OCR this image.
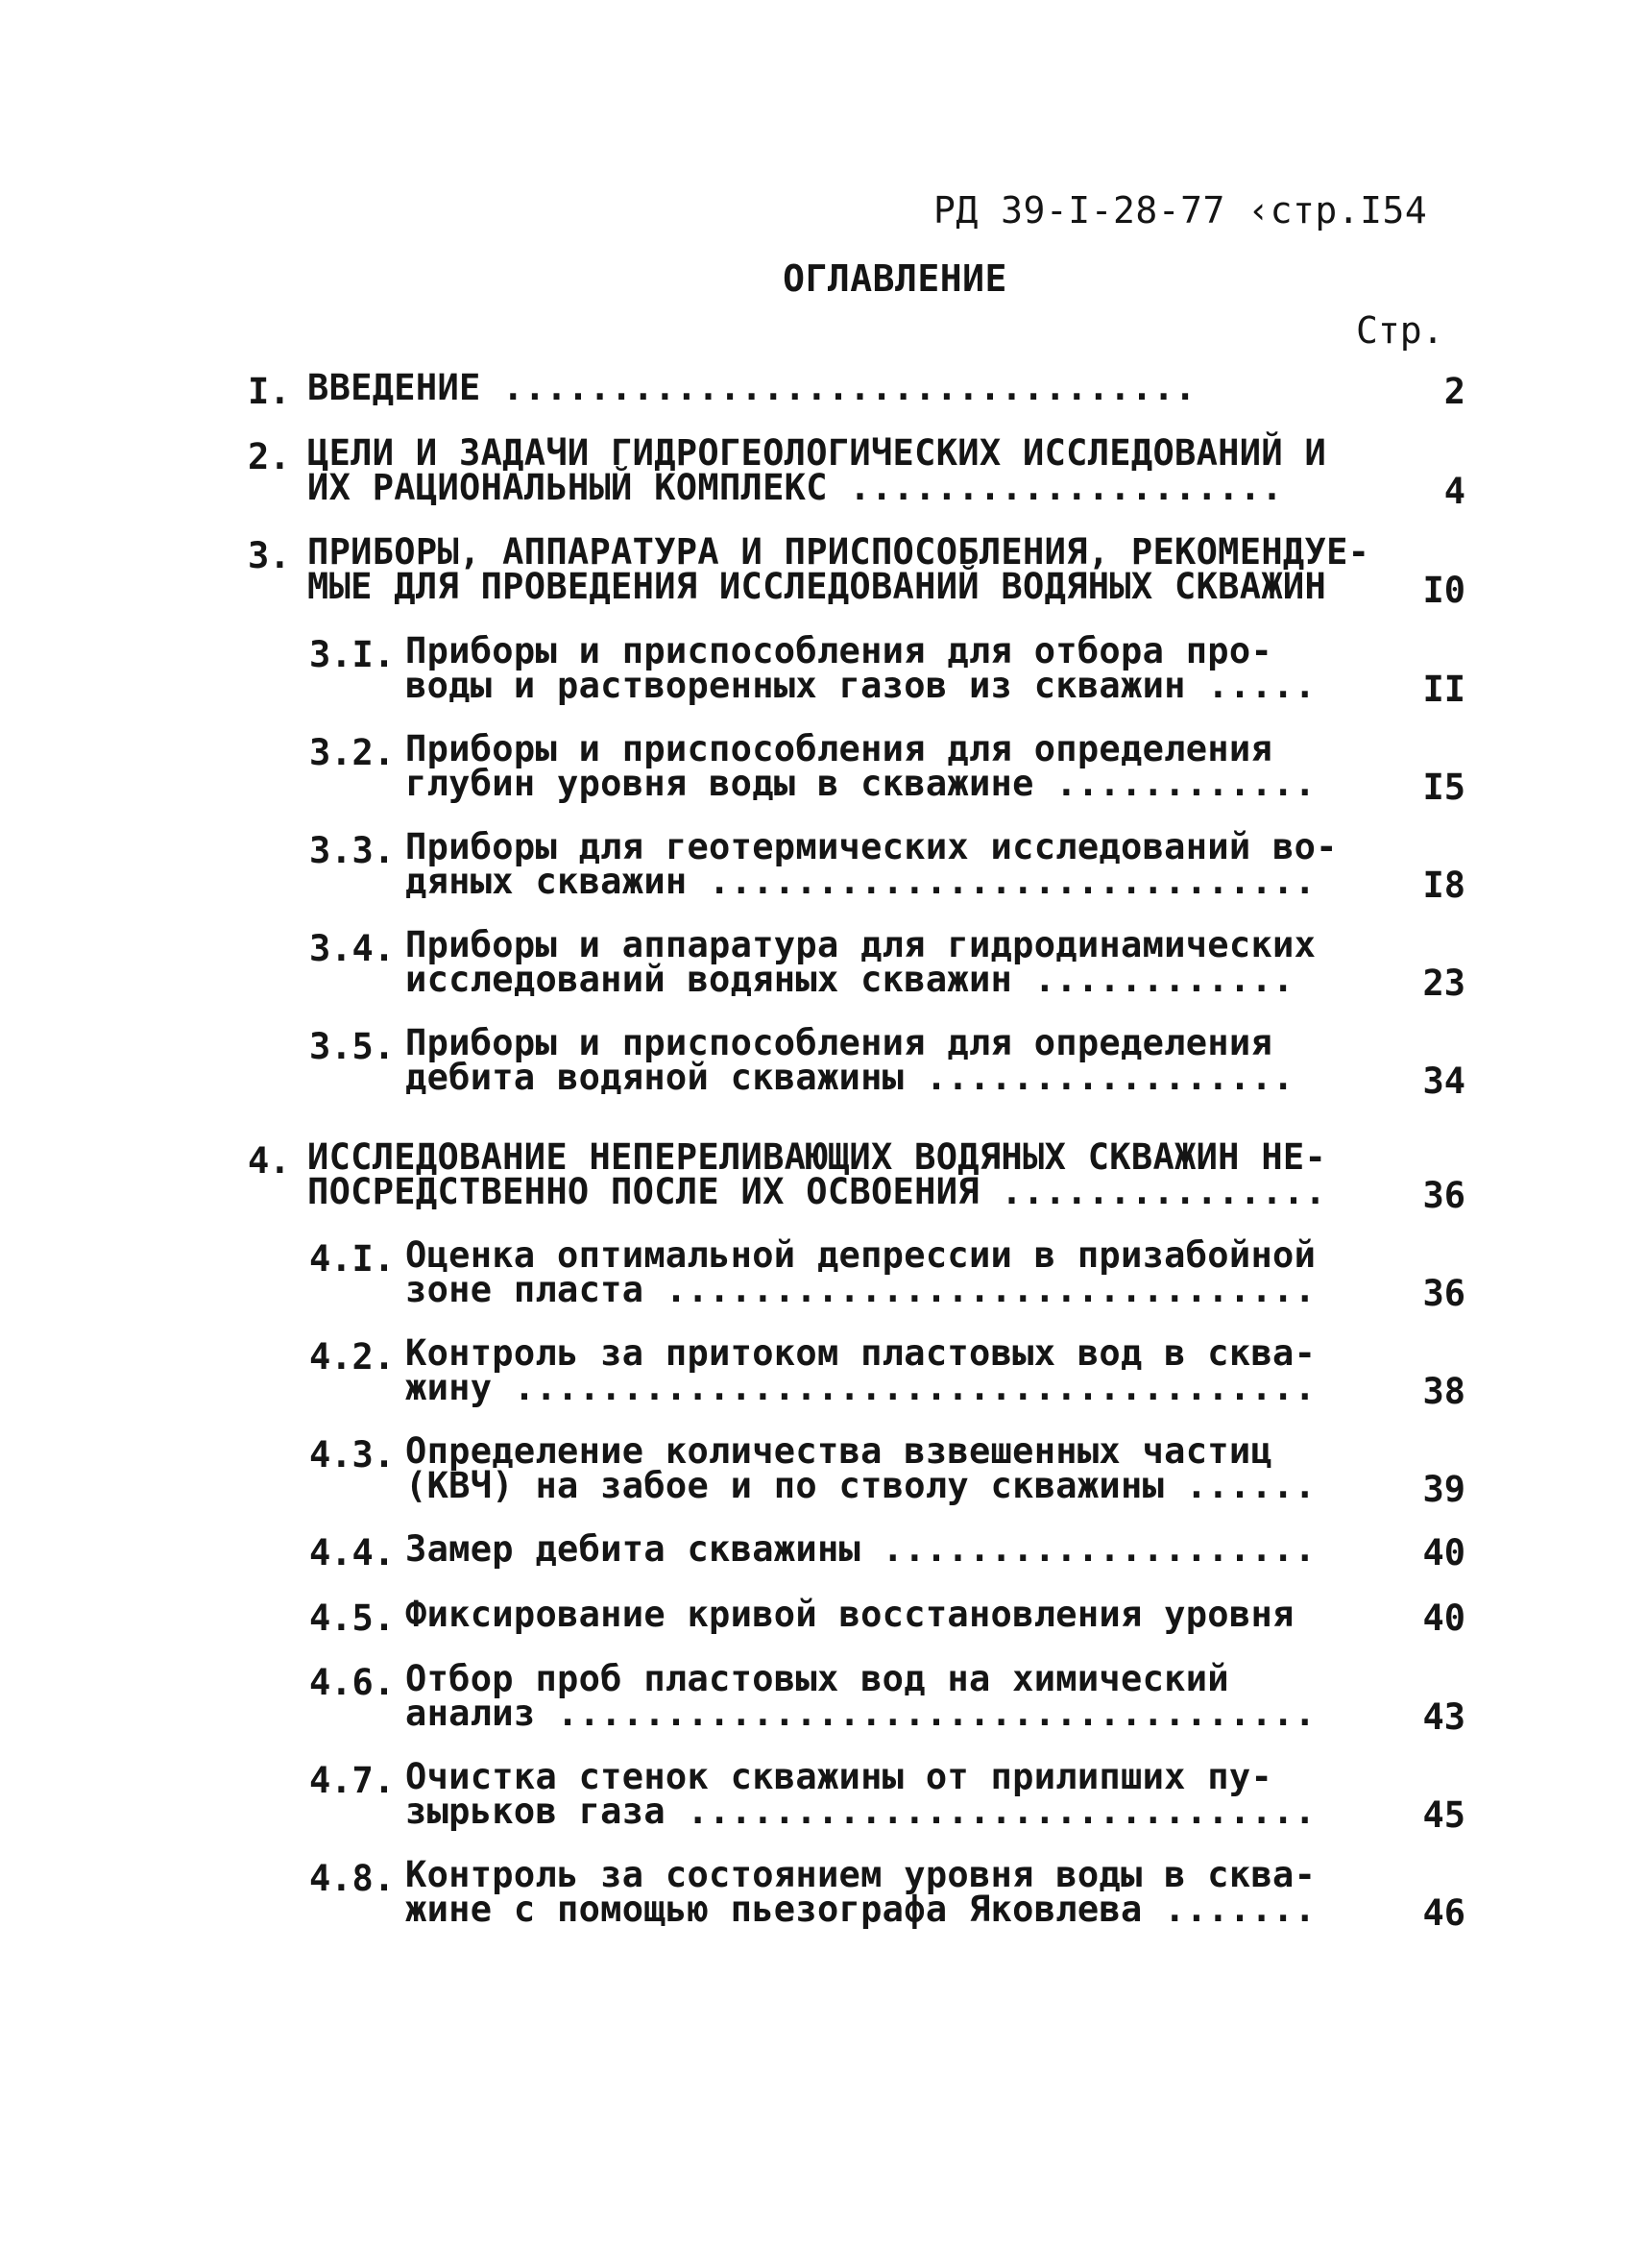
РД 39-I-28-77 ‹стр.I54
ОГЛАВЛЕНИЕ
Стр.
I. ВВЕДЕНИЕ ................................	2
2. ЦЕЛИ И ЗАДАЧИ ГИДРОГЕОЛОГИЧЕСКИХ ИССЛЕДОВАНИЙ И
ИХ РАЦИОНАЛЬНЫЙ КОМПЛЕКС ....................	4
3. ПРИБОРЫ, АППАРАТУРА И ПРИСПОСОБЛЕНИЯ, РЕКОМЕНДУЕ-
МЫЕ ДЛЯ ПРОВЕДЕНИЯ ИССЛЕДОВАНИЙ ВОДЯНЫХ СКВАЖИН	I0
3.I. Приборы и приспособления для отбора про-
воды и растворенных газов из скважин .....	II
3.2. Приборы и приспособления для определения
глубин уровня воды в скважине ............	I5
3.3. Приборы для геотермических исследований во-
дяных скважин ............................	I8
3.4. Приборы и аппаратура для гидродинамических
исследований водяных скважин ............	23
3.5. Приборы и приспособления для определения
дебита водяной скважины .................	34
4. ИССЛЕДОВАНИЕ НЕПЕРЕЛИВАЮЩИХ ВОДЯНЫХ СКВАЖИН НЕ-
ПОСРЕДСТВЕННО ПОСЛЕ ИХ ОСВОЕНИЯ ...............	36
4.I. Оценка оптимальной депрессии в призабойной
зоне пласта ..............................	36
4.2. Контроль за притоком пластовых вод в сква-
жину .....................................	38
4.3. Определение количества взвешенных частиц
(КВЧ) на забое и по стволу скважины ......	39
4.4. Замер дебита скважины ....................	40
4.5. Фиксирование кривой восстановления уровня	40
4.6. Отбор проб пластовых вод на химический
анализ ...................................	43
4.7. Очистка стенок скважины от прилипших пу-
зырьков газа .............................	45
4.8. Контроль за состоянием уровня воды в сква-
жине с помощью пьезографа Яковлева .......	46
